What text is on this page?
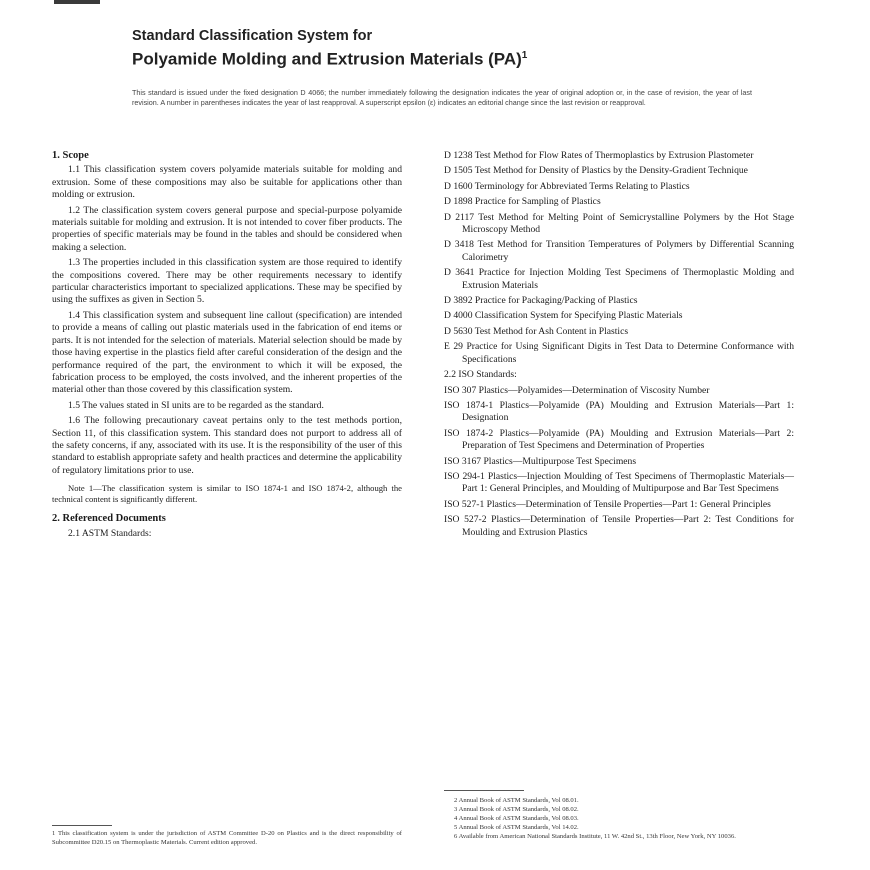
Standard Classification System for
Polyamide Molding and Extrusion Materials (PA)$^1$
This standard is issued under the fixed designation D 4066; the number immediately following the designation indicates the year of original adoption or, in the case of revision, the year of last revision. A number in parentheses indicates the year of last reapproval. A superscript epsilon (ε) indicates an editorial change since the last revision or reapproval.
1. Scope
1.1 This classification system covers polyamide materials suitable for molding and extrusion. Some of these compositions may also be suitable for applications other than molding or extrusion.
1.2 The classification system covers general purpose and special-purpose polyamide materials suitable for molding and extrusion. It is not intended to cover fiber products. The properties of specific materials may be found in the tables and should be considered when making a selection.
1.3 The properties included in this classification system are those required to identify the compositions covered. There may be other requirements necessary to identify particular characteristics important to specialized applications. These may be specified by using the suffixes as given in Section 5.
1.4 This classification system and subsequent line callout (specification) are intended to provide a means of calling out plastic materials used in the fabrication of end items or parts. It is not intended for the selection of materials. Material selection should be made by those having expertise in the plastics field after careful consideration of the design and the performance required of the part, the environment to which it will be exposed, the fabrication process to be employed, the costs involved, and the inherent properties of the material other than those covered by this classification system.
1.5 The values stated in SI units are to be regarded as the standard.
1.6 The following precautionary caveat pertains only to the test methods portion, Section 11, of this classification system. This standard does not purport to address all of the safety concerns, if any, associated with its use. It is the responsibility of the user of this standard to establish appropriate safety and health practices and determine the applicability of regulatory limitations prior to use.
Note 1—The classification system is similar to ISO 1874-1 and ISO 1874-2, although the technical content is significantly different.
2. Referenced Documents
2.1 ASTM Standards:
D 1238 Test Method for Flow Rates of Thermoplastics by Extrusion Plastometer
D 1505 Test Method for Density of Plastics by the Density-Gradient Technique
D 1600 Terminology for Abbreviated Terms Relating to Plastics
D 1898 Practice for Sampling of Plastics
D 2117 Test Method for Melting Point of Semicrystalline Polymers by the Hot Stage Microscopy Method
D 3418 Test Method for Transition Temperatures of Polymers by Differential Scanning Calorimetry
D 3641 Practice for Injection Molding Test Specimens of Thermoplastic Molding and Extrusion Materials
D 3892 Practice for Packaging/Packing of Plastics
D 4000 Classification System for Specifying Plastic Materials
D 5630 Test Method for Ash Content in Plastics
E 29 Practice for Using Significant Digits in Test Data to Determine Conformance with Specifications
2.2 ISO Standards:
ISO 307 Plastics—Polyamides—Determination of Viscosity Number
ISO 1874-1 Plastics—Polyamide (PA) Moulding and Extrusion Materials—Part 1: Designation
ISO 1874-2 Plastics—Polyamide (PA) Moulding and Extrusion Materials—Part 2: Preparation of Test Specimens and Determination of Properties
ISO 3167 Plastics—Multipurpose Test Specimens
ISO 294-1 Plastics—Injection Moulding of Test Specimens of Thermoplastic Materials—Part 1: General Principles, and Moulding of Multipurpose and Bar Test Specimens
ISO 527-1 Plastics—Determination of Tensile Properties—Part 1: General Principles
ISO 527-2 Plastics—Determination of Tensile Properties—Part 2: Test Conditions for Moulding and Extrusion Plastics
2 Annual Book of ASTM Standards, Vol 08.01.
3 Annual Book of ASTM Standards, Vol 08.02.
4 Annual Book of ASTM Standards, Vol 08.03.
5 Annual Book of ASTM Standards, Vol 14.02.
6 Available from American National Standards Institute, 11 W. 42nd St., 13th Floor, New York, NY 10036.
1 This classification system is under the jurisdiction of ASTM Committee D-20 on Plastics and is the direct responsibility of Subcommittee D20.15 on Thermoplastic Materials. Current edition approved.
